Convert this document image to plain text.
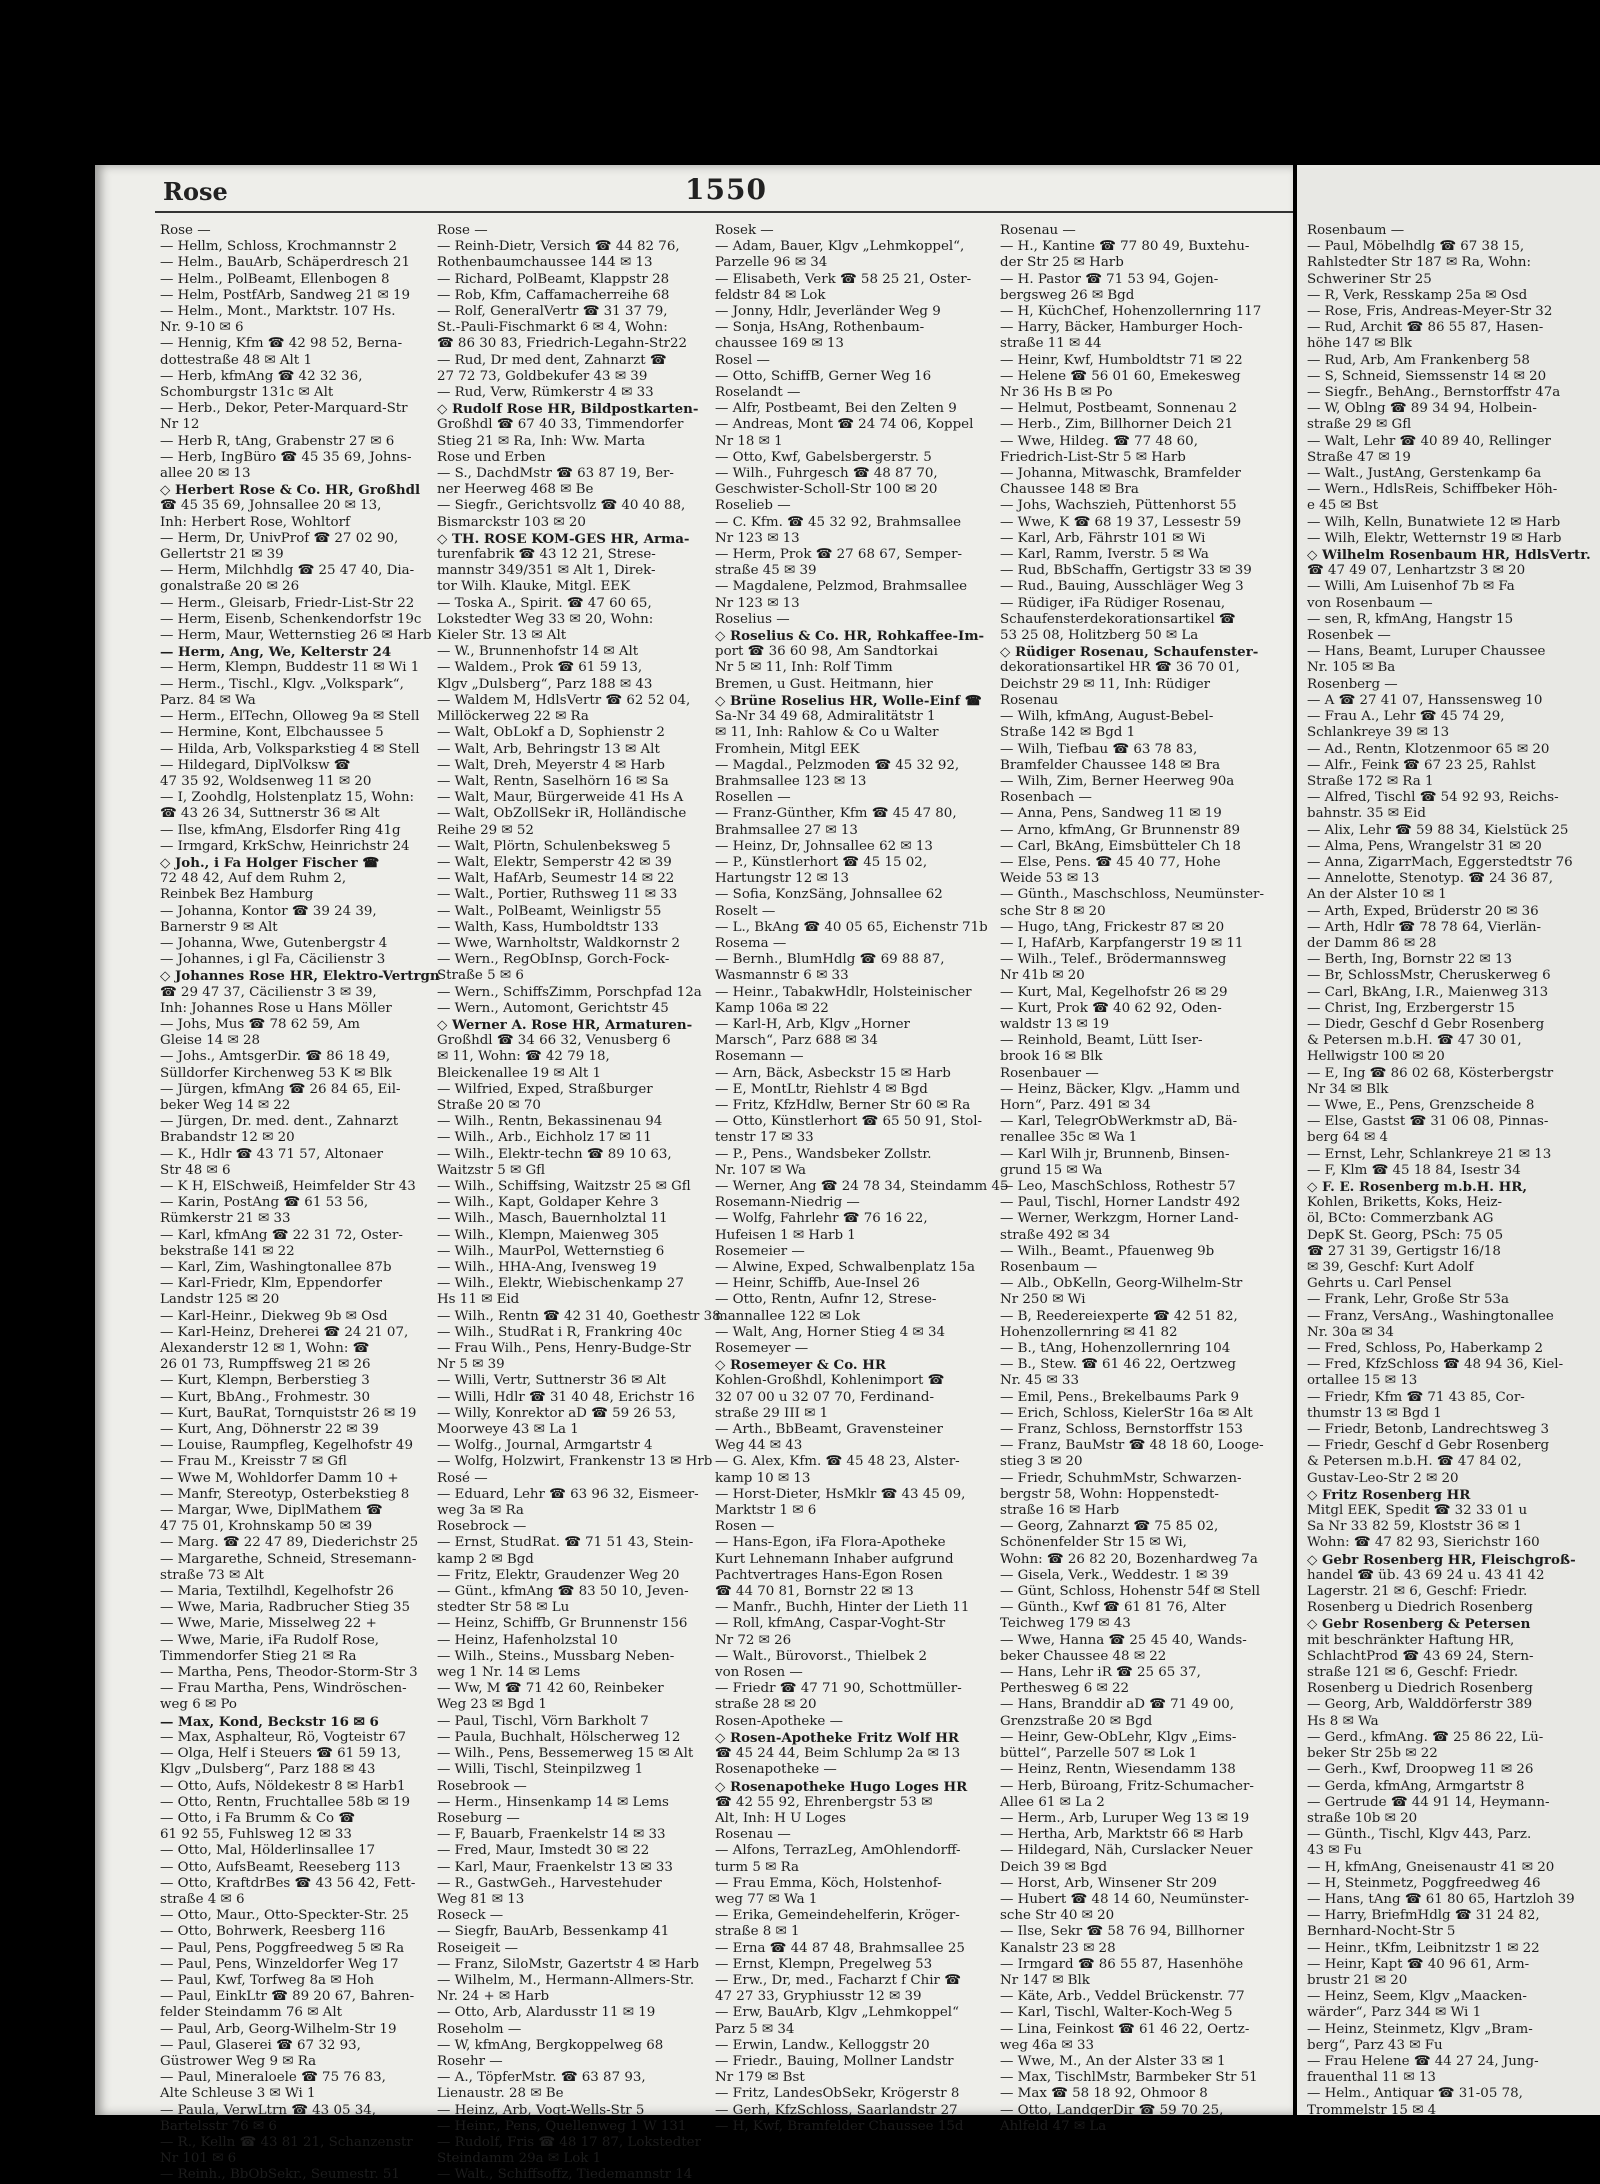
Rose	1550
Rose —
— Hellm, Schloss, Krochmannstr 2
— Helm., BauArb, Schäperdresch 21
— Helm., PolBeamt, Ellenbogen 8
— Helm, PostfArb, Sandweg 21 ✉ 19
— Helm., Mont., Marktstr. 107 Hs.
Nr. 9-10 ✉ 6
— Hennig, Kfm ☎ 42 98 52, Berna-
dottestraße 48 ✉ Alt 1
— Herb, kfmAng ☎ 42 32 36,
Schomburgstr 131c ✉ Alt
— Herb., Dekor, Peter-Marquard-Str
Nr 12
— Herb R, tAng, Grabenstr 27 ✉ 6
— Herb, IngBüro ☎ 45 35 69, Johns-
allee 20 ✉ 13
◇ Herbert Rose & Co. HR, Großhdl
☎ 45 35 69, Johnsallee 20 ✉ 13,
Inh: Herbert Rose, Wohltorf
— Herm, Dr, UnivProf ☎ 27 02 90,
Gellertstr 21 ✉ 39
— Herm, Milchhdlg ☎ 25 47 40, Dia-
gonalstraße 20 ✉ 26
— Herm., Gleisarb, Friedr-List-Str 22
— Herm, Eisenb, Schenkendorfstr 19c
— Herm, Maur, Wetternstieg 26 ✉ Harb
— Herm, Ang, We, Kelterstr 24
— Herm, Klempn, Buddestr 11 ✉ Wi 1
— Herm., Tischl., Klgv. „Volkspark“,
Parz. 84 ✉ Wa
— Herm., ElTechn, Olloweg 9a ✉ Stell
— Hermine, Kont, Elbchaussee 5
— Hilda, Arb, Volksparkstieg 4 ✉ Stell
— Hildegard, DiplVolksw ☎
47 35 92, Woldsenweg 11 ✉ 20
— I, Zoohdlg, Holstenplatz 15, Wohn:
☎ 43 26 34, Suttnerstr 36 ✉ Alt
— Ilse, kfmAng, Elsdorfer Ring 41g
— Irmgard, KrkSchw, Heinrichstr 24
◇ Joh., i Fa Holger Fischer ☎
72 48 42, Auf dem Ruhm 2,
Reinbek Bez Hamburg
— Johanna, Kontor ☎ 39 24 39,
Barnerstr 9 ✉ Alt
— Johanna, Wwe, Gutenbergstr 4
— Johannes, i gl Fa, Cäcilienstr 3
◇ Johannes Rose HR, Elektro-Vertrgn
☎ 29 47 37, Cäcilienstr 3 ✉ 39,
Inh: Johannes Rose u Hans Möller
— Johs, Mus ☎ 78 62 59, Am
Gleise 14 ✉ 28
— Johs., AmtsgerDir. ☎ 86 18 49,
Sülldorfer Kirchenweg 53 K ✉ Blk
— Jürgen, kfmAng ☎ 26 84 65, Eil-
beker Weg 14 ✉ 22
— Jürgen, Dr. med. dent., Zahnarzt
Brabandstr 12 ✉ 20
— K., Hdlr ☎ 43 71 57, Altonaer
Str 48 ✉ 6
— K H, ElSchweiß, Heimfelder Str 43
— Karin, PostAng ☎ 61 53 56,
Rümkerstr 21 ✉ 33
— Karl, kfmAng ☎ 22 31 72, Oster-
bekstraße 141 ✉ 22
— Karl, Zim, Washingtonallee 87b
— Karl-Friedr, Klm, Eppendorfer
Landstr 125 ✉ 20
— Karl-Heinr., Diekweg 9b ✉ Osd
— Karl-Heinz, Dreherei ☎ 24 21 07,
Alexanderstr 12 ✉ 1, Wohn: ☎
26 01 73, Rumpffsweg 21 ✉ 26
— Kurt, Klempn, Berberstieg 3
— Kurt, BbAng., Frohmestr. 30
— Kurt, BauRat, Tornquiststr 26 ✉ 19
— Kurt, Ang, Döhnerstr 22 ✉ 39
— Louise, Raumpfleg, Kegelhofstr 49
— Frau M., Kreisstr 7 ✉ Gfl
— Wwe M, Wohldorfer Damm 10 +
— Manfr, Stereotyp, Osterbekstieg 8
— Margar, Wwe, DiplMathem ☎
47 75 01, Krohnskamp 50 ✉ 39
— Marg. ☎ 22 47 89, Diederichstr 25
— Margarethe, Schneid, Stresemann-
straße 73 ✉ Alt
— Maria, Textilhdl, Kegelhofstr 26
— Wwe, Maria, Radbrucher Stieg 35
— Wwe, Marie, Misselweg 22 +
— Wwe, Marie, iFa Rudolf Rose,
Timmendorfer Stieg 21 ✉ Ra
— Martha, Pens, Theodor-Storm-Str 3
— Frau Martha, Pens, Windröschen-
weg 6 ✉ Po
— Max, Kond, Beckstr 16 ✉ 6
— Max, Asphalteur, Rö, Vogteistr 67
— Olga, Helf i Steuers ☎ 61 59 13,
Klgv „Dulsberg“, Parz 188 ✉ 43
— Otto, Aufs, Nöldekestr 8 ✉ Harb1
— Otto, Rentn, Fruchtallee 58b ✉ 19
— Otto, i Fa Brumm & Co ☎
61 92 55, Fuhlsweg 12 ✉ 33
— Otto, Mal, Hölderlinsallee 17
— Otto, AufsBeamt, Reeseberg 113
— Otto, KraftdrBes ☎ 43 56 42, Fett-
straße 4 ✉ 6
— Otto, Maur., Otto-Speckter-Str. 25
— Otto, Bohrwerk, Reesberg 116
— Paul, Pens, Poggfreedweg 5 ✉ Ra
— Paul, Pens, Winzeldorfer Weg 17
— Paul, Kwf, Torfweg 8a ✉ Hoh
— Paul, EinkLtr ☎ 89 20 67, Bahren-
felder Steindamm 76 ✉ Alt
— Paul, Arb, Georg-Wilhelm-Str 19
— Paul, Glaserei ☎ 67 32 93,
Güstrower Weg 9 ✉ Ra
— Paul, Mineraloele ☎ 75 76 83,
Alte Schleuse 3 ✉ Wi 1
— Paula, VerwLtrn ☎ 43 05 34,
Bartelsstr 76 ✉ 6
— R., Kelln ☎ 43 81 21, Schanzenstr
Nr 101 ✉ 6
— Reinh., BbObSekr., Seumestr. 51
Rose —
— Reinh-Dietr, Versich ☎ 44 82 76,
Rothenbaumchaussee 144 ✉ 13
— Richard, PolBeamt, Klappstr 28
— Rob, Kfm, Caffamacherreihe 68
— Rolf, GeneralVertr ☎ 31 37 79,
St.-Pauli-Fischmarkt 6 ✉ 4, Wohn:
☎ 86 30 83, Friedrich-Legahn-Str22
— Rud, Dr med dent, Zahnarzt ☎
27 72 73, Goldbekufer 43 ✉ 39
— Rud, Verw, Rümkerstr 4 ✉ 33
◇ Rudolf Rose HR, Bildpostkarten-
Großhdl ☎ 67 40 33, Timmendorfer
Stieg 21 ✉ Ra, Inh: Ww. Marta
Rose und Erben
— S., DachdMstr ☎ 63 87 19, Ber-
ner Heerweg 468 ✉ Be
— Siegfr., Gerichtsvollz ☎ 40 40 88,
Bismarckstr 103 ✉ 20
◇ TH. ROSE KOM-GES HR, Arma-
turenfabrik ☎ 43 12 21, Strese-
mannstr 349/351 ✉ Alt 1, Direk-
tor Wilh. Klauke, Mitgl. EEK
— Toska A., Spirit. ☎ 47 60 65,
Lokstedter Weg 33 ✉ 20, Wohn:
Kieler Str. 13 ✉ Alt
— W., Brunnenhofstr 14 ✉ Alt
— Waldem., Prok ☎ 61 59 13,
Klgv „Dulsberg“, Parz 188 ✉ 43
— Waldem M, HdlsVertr ☎ 62 52 04,
Millöckerweg 22 ✉ Ra
— Walt, ObLokf a D, Sophienstr 2
— Walt, Arb, Behringstr 13 ✉ Alt
— Walt, Dreh, Meyerstr 4 ✉ Harb
— Walt, Rentn, Saselhörn 16 ✉ Sa
— Walt, Maur, Bürgerweide 41 Hs A
— Walt, ObZollSekr iR, Holländische
Reihe 29 ✉ 52
— Walt, Plörtn, Schulenbeksweg 5
— Walt, Elektr, Semperstr 42 ✉ 39
— Walt, HafArb, Seumestr 14 ✉ 22
— Walt., Portier, Ruthsweg 11 ✉ 33
— Walt., PolBeamt, Weinligstr 55
— Walth, Kass, Humboldtstr 133
— Wwe, Warnholtstr, Waldkornstr 2
— Wern., RegObInsp, Gorch-Fock-
Straße 5 ✉ 6
— Wern., SchiffsZimm, Porschpfad 12a
— Wern., Automont, Gerichtstr 45
◇ Werner A. Rose HR, Armaturen-
Großhdl ☎ 34 66 32, Venusberg 6
✉ 11, Wohn: ☎ 42 79 18,
Bleickenallee 19 ✉ Alt 1
— Wilfried, Exped, Straßburger
Straße 20 ✉ 70
— Wilh., Rentn, Bekassinenau 94
— Wilh., Arb., Eichholz 17 ✉ 11
— Wilh., Elektr-techn ☎ 89 10 63,
Waitzstr 5 ✉ Gfl
— Wilh., Schiffsing, Waitzstr 25 ✉ Gfl
— Wilh., Kapt, Goldaper Kehre 3
— Wilh., Masch, Bauernholztal 11
— Wilh., Klempn, Maienweg 305
— Wilh., MaurPol, Wetternstieg 6
— Wilh., HHA-Ang, Ivensweg 19
— Wilh., Elektr, Wiebischenkamp 27
Hs 11 ✉ Eid
— Wilh., Rentn ☎ 42 31 40, Goethestr 38
— Wilh., StudRat i R, Frankring 40c
— Frau Wilh., Pens, Henry-Budge-Str
Nr 5 ✉ 39
— Willi, Vertr, Suttnerstr 36 ✉ Alt
— Willi, Hdlr ☎ 31 40 48, Erichstr 16
— Willy, Konrektor aD ☎ 59 26 53,
Moorweye 43 ✉ La 1
— Wolfg., Journal, Armgartstr 4
— Wolfg, Holzwirt, Frankenstr 13 ✉ Hrb
Rosé —
— Eduard, Lehr ☎ 63 96 32, Eismeer-
weg 3a ✉ Ra
Rosebrock —
— Ernst, StudRat. ☎ 71 51 43, Stein-
kamp 2 ✉ Bgd
— Fritz, Elektr, Graudenzer Weg 20
— Günt., kfmAng ☎ 83 50 10, Jeven-
stedter Str 58 ✉ Lu
— Heinz, Schiffb, Gr Brunnenstr 156
— Heinz, Hafenholzstal 10
— Wilh., Steins., Mussbarg Neben-
weg 1 Nr. 14 ✉ Lems
— Ww, M ☎ 71 42 60, Reinbeker
Weg 23 ✉ Bgd 1
— Paul, Tischl, Vörn Barkholt 7
— Paula, Buchhalt, Hölscherweg 12
— Wilh., Pens, Bessemerweg 15 ✉ Alt
— Willi, Tischl, Steinpilzweg 1
Rosebrook —
— Herm., Hinsenkamp 14 ✉ Lems
Roseburg —
— F, Bauarb, Fraenkelstr 14 ✉ 33
— Fred, Maur, Imstedt 30 ✉ 22
— Karl, Maur, Fraenkelstr 13 ✉ 33
— R., GastwGeh., Harvestehuder
Weg 81 ✉ 13
Roseck —
— Siegfr, BauArb, Bessenkamp 41
Roseigeit —
— Franz, SiloMstr, Gazertstr 4 ✉ Harb
— Wilhelm, M., Hermann-Allmers-Str.
Nr. 24 + ✉ Harb
— Otto, Arb, Alardusstr 11 ✉ 19
Roseholm —
— W, kfmAng, Bergkoppelweg 68
Rosehr —
— A., TöpferMstr. ☎ 63 87 93,
Lienaustr. 28 ✉ Be
— Heinz, Arb, Vogt-Wells-Str 5
— Heinr., Pens, Quellenweg 1 W 131
— Rudolf, Fris ☎ 48 17 87, Lokstedter
Steindamm 29a ✉ Lok 1
— Walt., Schiffsoffz, Tiedemannstr 14
Rosek —
— Adam, Bauer, Klgv „Lehmkoppel“,
Parzelle 96 ✉ 34
— Elisabeth, Verk ☎ 58 25 21, Oster-
feldstr 84 ✉ Lok
— Jonny, Hdlr, Jeverländer Weg 9
— Sonja, HsAng, Rothenbaum-
chaussee 169 ✉ 13
Rosel —
— Otto, SchiffB, Gerner Weg 16
Roselandt —
— Alfr, Postbeamt, Bei den Zelten 9
— Andreas, Mont ☎ 24 74 06, Koppel
Nr 18 ✉ 1
— Otto, Kwf, Gabelsbergerstr. 5
— Wilh., Fuhrgesch ☎ 48 87 70,
Geschwister-Scholl-Str 100 ✉ 20
Roselieb —
— C. Kfm. ☎ 45 32 92, Brahmsallee
Nr 123 ✉ 13
— Herm, Prok ☎ 27 68 67, Semper-
straße 45 ✉ 39
— Magdalene, Pelzmod, Brahmsallee
Nr 123 ✉ 13
Roselius —
◇ Roselius & Co. HR, Rohkaffee-Im-
port ☎ 36 60 98, Am Sandtorkai
Nr 5 ✉ 11, Inh: Rolf Timm
Bremen, u Gust. Heitmann, hier
◇ Brüne Roselius HR, Wolle-Einf ☎
Sa-Nr 34 49 68, Admiralitätstr 1
✉ 11, Inh: Rahlow & Co u Walter
Fromhein, Mitgl EEK
— Magdal., Pelzmoden ☎ 45 32 92,
Brahmsallee 123 ✉ 13
Rosellen —
— Franz-Günther, Kfm ☎ 45 47 80,
Brahmsallee 27 ✉ 13
— Heinz, Dr, Johnsallee 62 ✉ 13
— P., Künstlerhort ☎ 45 15 02,
Hartungstr 12 ✉ 13
— Sofia, KonzSäng, Johnsallee 62
Roselt —
— L., BkAng ☎ 40 05 65, Eichenstr 71b
Rosema —
— Bernh., BlumHdlg ☎ 69 88 87,
Wasmannstr 6 ✉ 33
— Heinr., TabakwHdlr, Holsteinischer
Kamp 106a ✉ 22
— Karl-H, Arb, Klgv „Horner
Marsch“, Parz 688 ✉ 34
Rosemann —
— Arn, Bäck, Asbeckstr 15 ✉ Harb
— E, MontLtr, Riehlstr 4 ✉ Bgd
— Fritz, KfzHdlw, Berner Str 60 ✉ Ra
— Otto, Künstlerhort ☎ 65 50 91, Stol-
tenstr 17 ✉ 33
— P., Pens., Wandsbeker Zollstr.
Nr. 107 ✉ Wa
— Werner, Ang ☎ 24 78 34, Steindamm 45
Rosemann-Niedrig —
— Wolfg, Fahrlehr ☎ 76 16 22,
Hufeisen 1 ✉ Harb 1
Rosemeier —
— Alwine, Exped, Schwalbenplatz 15a
— Heinr, Schiffb, Aue-Insel 26
— Otto, Rentn, Aufnr 12, Strese-
mannallee 122 ✉ Lok
— Walt, Ang, Horner Stieg 4 ✉ 34
Rosemeyer —
◇ Rosemeyer & Co. HR
Kohlen-Großhdl, Kohlenimport ☎
32 07 00 u 32 07 70, Ferdinand-
straße 29 III ✉ 1
— Arth., BbBeamt, Gravensteiner
Weg 44 ✉ 43
— G. Alex, Kfm. ☎ 45 48 23, Alster-
kamp 10 ✉ 13
— Horst-Dieter, HsMklr ☎ 43 45 09,
Marktstr 1 ✉ 6
Rosen —
— Hans-Egon, iFa Flora-Apotheke
Kurt Lehnemann Inhaber aufgrund
Pachtvertrages Hans-Egon Rosen
☎ 44 70 81, Bornstr 22 ✉ 13
— Manfr., Buchh, Hinter der Lieth 11
— Roll, kfmAng, Caspar-Voght-Str
Nr 72 ✉ 26
— Walt., Bürovorst., Thielbek 2
von Rosen —
— Friedr ☎ 47 71 90, Schottmüller-
straße 28 ✉ 20
Rosen-Apotheke —
◇ Rosen-Apotheke Fritz Wolf HR
☎ 45 24 44, Beim Schlump 2a ✉ 13
Rosenapotheke —
◇ Rosenapotheke Hugo Loges HR
☎ 42 55 92, Ehrenbergstr 53 ✉
Alt, Inh: H U Loges
Rosenau —
— Alfons, TerrazLeg, AmOhlendorff-
turm 5 ✉ Ra
— Frau Emma, Köch, Holstenhof-
weg 77 ✉ Wa 1
— Erika, Gemeindehelferin, Kröger-
straße 8 ✉ 1
— Erna ☎ 44 87 48, Brahmsallee 25
— Ernst, Klempn, Pregelweg 53
— Erw., Dr, med., Facharzt f Chir ☎
47 27 33, Gryphiusstr 12 ✉ 39
— Erw, BauArb, Klgv „Lehmkoppel“
Parz 5 ✉ 34
— Erwin, Landw., Kelloggstr 20
— Friedr., Bauing, Mollner Landstr
Nr 179 ✉ Bst
— Fritz, LandesObSekr, Krögerstr 8
— Gerh, KfzSchloss, Saarlandstr 27
— H, Kwf, Bramfelder Chaussee 15d
Rosenau —
— H., Kantine ☎ 77 80 49, Buxtehu-
der Str 25 ✉ Harb
— H. Pastor ☎ 71 53 94, Gojen-
bergsweg 26 ✉ Bgd
— H, KüchChef, Hohenzollernring 117
— Harry, Bäcker, Hamburger Hoch-
straße 11 ✉ 44
— Heinr, Kwf, Humboldtstr 71 ✉ 22
— Helene ☎ 56 01 60, Emekesweg
Nr 36 Hs B ✉ Po
— Helmut, Postbeamt, Sonnenau 2
— Herb., Zim, Billhorner Deich 21
— Wwe, Hildeg. ☎ 77 48 60,
Friedrich-List-Str 5 ✉ Harb
— Johanna, Mitwaschk, Bramfelder
Chaussee 148 ✉ Bra
— Johs, Wachszieh, Püttenhorst 55
— Wwe, K ☎ 68 19 37, Lessestr 59
— Karl, Arb, Fährstr 101 ✉ Wi
— Karl, Ramm, Iverstr. 5 ✉ Wa
— Rud, BbSchaffn, Gertigstr 33 ✉ 39
— Rud., Bauing, Ausschläger Weg 3
— Rüdiger, iFa Rüdiger Rosenau,
Schaufensterdekorationsartikel ☎
53 25 08, Holitzberg 50 ✉ La
◇ Rüdiger Rosenau, Schaufenster-
dekorationsartikel HR ☎ 36 70 01,
Deichstr 29 ✉ 11, Inh: Rüdiger
Rosenau
— Wilh, kfmAng, August-Bebel-
Straße 142 ✉ Bgd 1
— Wilh, Tiefbau ☎ 63 78 83,
Bramfelder Chaussee 148 ✉ Bra
— Wilh, Zim, Berner Heerweg 90a
Rosenbach —
— Anna, Pens, Sandweg 11 ✉ 19
— Arno, kfmAng, Gr Brunnenstr 89
— Carl, BkAng, Eimsbütteler Ch 18
— Else, Pens. ☎ 45 40 77, Hohe
Weide 53 ✉ 13
— Günth., Maschschloss, Neumünster-
sche Str 8 ✉ 20
— Hugo, tAng, Frickestr 87 ✉ 20
— I, HafArb, Karpfangerstr 19 ✉ 11
— Wilh., Telef., Brödermannsweg
Nr 41b ✉ 20
— Kurt, Mal, Kegelhofstr 26 ✉ 29
— Kurt, Prok ☎ 40 62 92, Oden-
waldstr 13 ✉ 19
— Reinhold, Beamt, Lütt Iser-
brook 16 ✉ Blk
Rosenbauer —
— Heinz, Bäcker, Klgv. „Hamm und
Horn“, Parz. 491 ✉ 34
— Karl, TelegrObWerkmstr aD, Bä-
renallee 35c ✉ Wa 1
— Karl Wilh jr, Brunnenb, Binsen-
grund 15 ✉ Wa
— Leo, MaschSchloss, Rothestr 57
— Paul, Tischl, Horner Landstr 492
— Werner, Werkzgm, Horner Land-
straße 492 ✉ 34
— Wilh., Beamt., Pfauenweg 9b
Rosenbaum —
— Alb., ObKelln, Georg-Wilhelm-Str
Nr 250 ✉ Wi
— B, Reedereiexperte ☎ 42 51 82,
Hohenzollernring ✉ 41 82
— B., tAng, Hohenzollernring 104
— B., Stew. ☎ 61 46 22, Oertzweg
Nr. 45 ✉ 33
— Emil, Pens., Brekelbaums Park 9
— Erich, Schloss, KielerStr 16a ✉ Alt
— Franz, Schloss, Bernstorffstr 153
— Franz, BauMstr ☎ 48 18 60, Looge-
stieg 3 ✉ 20
— Friedr, SchuhmMstr, Schwarzen-
bergstr 58, Wohn: Hoppenstedt-
straße 16 ✉ Harb
— Georg, Zahnarzt ☎ 75 85 02,
Schönenfelder Str 15 ✉ Wi,
Wohn: ☎ 26 82 20, Bozenhardweg 7a
— Gisela, Verk., Weddestr. 1 ✉ 39
— Günt, Schloss, Hohenstr 54f ✉ Stell
— Günth., Kwf ☎ 61 81 76, Alter
Teichweg 179 ✉ 43
— Wwe, Hanna ☎ 25 45 40, Wands-
beker Chaussee 48 ✉ 22
— Hans, Lehr iR ☎ 25 65 37,
Perthesweg 6 ✉ 22
— Hans, Branddir aD ☎ 71 49 00,
Grenzstraße 20 ✉ Bgd
— Heinr, Gew-ObLehr, Klgv „Eims-
büttel“, Parzelle 507 ✉ Lok 1
— Heinz, Rentn, Wiesendamm 138
— Herb, Büroang, Fritz-Schumacher-
Allee 61 ✉ La 2
— Herm., Arb, Luruper Weg 13 ✉ 19
— Hertha, Arb, Marktstr 66 ✉ Harb
— Hildegard, Näh, Curslacker Neuer
Deich 39 ✉ Bgd
— Horst, Arb, Winsener Str 209
— Hubert ☎ 48 14 60, Neumünster-
sche Str 40 ✉ 20
— Ilse, Sekr ☎ 58 76 94, Billhorner
Kanalstr 23 ✉ 28
— Irmgard ☎ 86 55 87, Hasenhöhe
Nr 147 ✉ Blk
— Käte, Arb., Veddel Brückenstr. 77
— Karl, Tischl, Walter-Koch-Weg 5
— Lina, Feinkost ☎ 61 46 22, Oertz-
weg 46a ✉ 33
— Wwe, M., An der Alster 33 ✉ 1
— Max, TischlMstr, Barmbeker Str 51
— Max ☎ 58 18 92, Ohmoor 8
— Otto, LandgerDir ☎ 59 70 25,
Ahlfeld 47 ✉ La
Rosenbaum —
— Paul, Möbelhdlg ☎ 67 38 15,
Rahlstedter Str 187 ✉ Ra, Wohn:
Schweriner Str 25
— R, Verk, Resskamp 25a ✉ Osd
— Rose, Fris, Andreas-Meyer-Str 32
— Rud, Archit ☎ 86 55 87, Hasen-
höhe 147 ✉ Blk
— Rud, Arb, Am Frankenberg 58
— S, Schneid, Siemssenstr 14 ✉ 20
— Siegfr., BehAng., Bernstorffstr 47a
— W, Oblng ☎ 89 34 94, Holbein-
straße 29 ✉ Gfl
— Walt, Lehr ☎ 40 89 40, Rellinger
Straße 47 ✉ 19
— Walt., JustAng, Gerstenkamp 6a
— Wern., HdlsReis, Schiffbeker Höh-
e 45 ✉ Bst
— Wilh, Kelln, Bunatwiete 12 ✉ Harb
— Wilh, Elektr, Wetternstr 19 ✉ Harb
◇ Wilhelm Rosenbaum HR, HdlsVertr.
☎ 47 49 07, Lenhartzstr 3 ✉ 20
— Willi, Am Luisenhof 7b ✉ Fa
von Rosenbaum —
— sen, R, kfmAng, Hangstr 15
Rosenbek —
— Hans, Beamt, Luruper Chaussee
Nr. 105 ✉ Ba
Rosenberg —
— A ☎ 27 41 07, Hanssensweg 10
— Frau A., Lehr ☎ 45 74 29,
Schlankreye 39 ✉ 13
— Ad., Rentn, Klotzenmoor 65 ✉ 20
— Alfr., Feink ☎ 67 23 25, Rahlst
Straße 172 ✉ Ra 1
— Alfred, Tischl ☎ 54 92 93, Reichs-
bahnstr. 35 ✉ Eid
— Alix, Lehr ☎ 59 88 34, Kielstück 25
— Alma, Pens, Wrangelstr 31 ✉ 20
— Anna, ZigarrMach, Eggerstedtstr 76
— Annelotte, Stenotyp. ☎ 24 36 87,
An der Alster 10 ✉ 1
— Arth, Exped, Brüderstr 20 ✉ 36
— Arth, Hdlr ☎ 78 78 64, Vierlän-
der Damm 86 ✉ 28
— Berth, Ing, Bornstr 22 ✉ 13
— Br, SchlossMstr, Cheruskerweg 6
— Carl, BkAng, I.R., Maienweg 313
— Christ, Ing, Erzbergerstr 15
— Diedr, Geschf d Gebr Rosenberg
& Petersen m.b.H. ☎ 47 30 01,
Hellwigstr 100 ✉ 20
— E, Ing ☎ 86 02 68, Kösterbergstr
Nr 34 ✉ Blk
— Wwe, E., Pens, Grenzscheide 8
— Else, Gastst ☎ 31 06 08, Pinnas-
berg 64 ✉ 4
— Ernst, Lehr, Schlankreye 21 ✉ 13
— F, Klm ☎ 45 18 84, Isestr 34
◇ F. E. Rosenberg m.b.H. HR,
Kohlen, Briketts, Koks, Heiz-
öl, BCto: Commerzbank AG
DepK St. Georg, PSch: 75 05
☎ 27 31 39, Gertigstr 16/18
✉ 39, Geschf: Kurt Adolf
Gehrts u. Carl Pensel
— Frank, Lehr, Große Str 53a
— Franz, VersAng., Washingtonallee
Nr. 30a ✉ 34
— Fred, Schloss, Po, Haberkamp 2
— Fred, KfzSchloss ☎ 48 94 36, Kiel-
ortallee 15 ✉ 13
— Friedr, Kfm ☎ 71 43 85, Cor-
thumstr 13 ✉ Bgd 1
— Friedr, Betonb, Landrechtsweg 3
— Friedr, Geschf d Gebr Rosenberg
& Petersen m.b.H. ☎ 47 84 02,
Gustav-Leo-Str 2 ✉ 20
◇ Fritz Rosenberg HR
Mitgl EEK, Spedit ☎ 32 33 01 u
Sa Nr 33 82 59, Kloststr 36 ✉ 1
Wohn: ☎ 47 82 93, Sierichstr 160
◇ Gebr Rosenberg HR, Fleischgroß-
handel ☎ üb. 43 69 24 u. 43 41 42
Lagerstr. 21 ✉ 6, Geschf: Friedr.
Rosenberg u Diedrich Rosenberg
◇ Gebr Rosenberg & Petersen
mit beschränkter Haftung HR,
SchlachtProd ☎ 43 69 24, Stern-
straße 121 ✉ 6, Geschf: Friedr.
Rosenberg u Diedrich Rosenberg
— Georg, Arb, Walddörferstr 389
Hs 8 ✉ Wa
— Gerd., kfmAng. ☎ 25 86 22, Lü-
beker Str 25b ✉ 22
— Gerh., Kwf, Droopweg 11 ✉ 26
— Gerda, kfmAng, Armgartstr 8
— Gertrude ☎ 44 91 14, Heymann-
straße 10b ✉ 20
— Günth., Tischl, Klgv 443, Parz.
43 ✉ Fu
— H, kfmAng, Gneisenaustr 41 ✉ 20
— H, Steinmetz, Poggfreedweg 46
— Hans, tAng ☎ 61 80 65, Hartzloh 39
— Harry, BriefmHdlg ☎ 31 24 82,
Bernhard-Nocht-Str 5
— Heinr., tKfm, Leibnitzstr 1 ✉ 22
— Heinr, Kapt ☎ 40 96 61, Arm-
brustr 21 ✉ 20
— Heinz, Seem, Klgv „Maacken-
wärder“, Parz 344 ✉ Wi 1
— Heinz, Steinmetz, Klgv „Bram-
berg“, Parz 43 ✉ Fu
— Frau Helene ☎ 44 27 24, Jung-
frauenthal 11 ✉ 13
— Helm., Antiquar ☎ 31-05 78,
Trommelstr 15 ✉ 4
